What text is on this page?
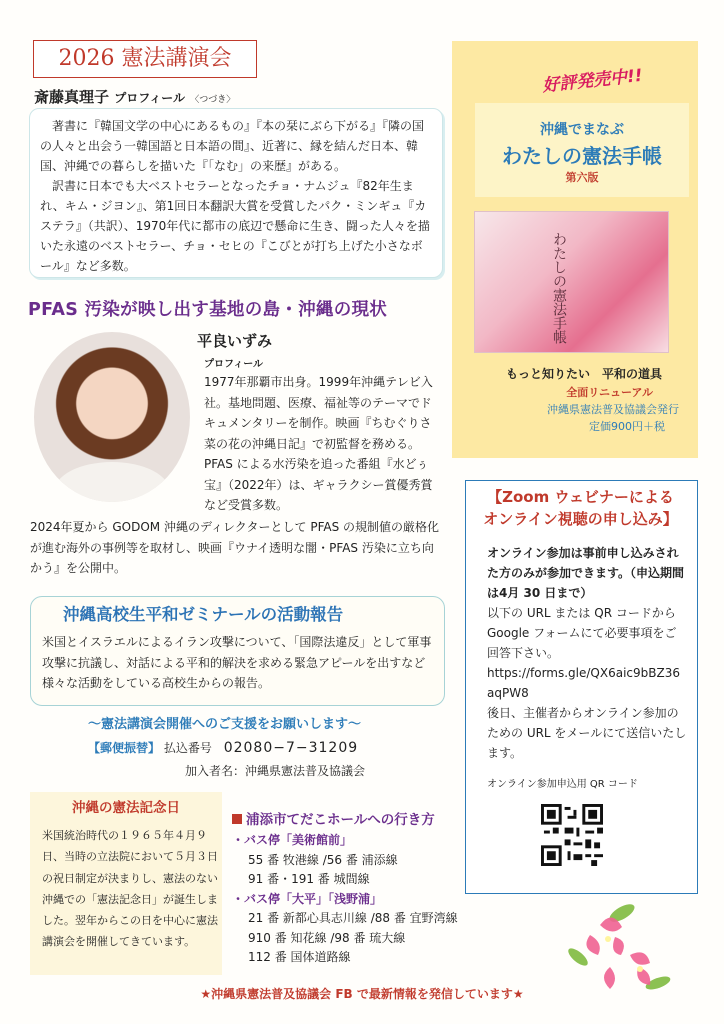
2026 憲法講演会
斎藤真理子 プロフィール 〈つづき〉

著書に『韓国文学の中心にあるもの』『本の栞にぶら下がる』『隣の国の人々と出会う一韓国語と日本語の間』、近著に、縁を結んだ日本、韓国、沖縄での暮らしを描いた『「なむ」の来歴』がある。

訳書に日本でも大ベストセラーとなったチョ・ナムジュ『82年生まれ、キム・ジヨン』、第1回日本翻訳大賞を受賞したパク・ミンギュ『カステラ』（共訳）、1970年代に都市の底辺で懸命に生き、闘った人々を描いた永遠のベストセラー、チョ・セヒの『こびとが打ち上げた小さなボール』など多数。

PFAS 汚染が映し出す基地の島・沖縄の現状
平良いずみ
プロフィール
1977年那覇市出身。1999年沖縄テレビ入社。基地問題、医療、福祉等のテーマでドキュメンタリーを制作。映画『ちむぐりさ菜の花の沖縄日記』で初監督を務める。PFAS による水汚染を追った番組『水どぅ宝』（2022年）は、ギャラクシー賞優秀賞など受賞多数。
2024年夏から GODOM 沖縄のディレクターとして PFAS の規制値の厳格化が進む海外の事例等を取材し、映画『ウナイ透明な闇・PFAS 汚染に立ち向かう』を公開中。
沖縄高校生平和ゼミナールの活動報告
米国とイスラエルによるイラン攻撃について、「国際法違反」として軍事攻撃に抗議し、対話による平和的解決を求める緊急アピールを出すなど様々な活動をしている高校生からの報告。
〜憲法講演会開催へのご支援をお願いします〜
【郵便振替】 払込番号 02080−7−31209
加入者名：沖縄県憲法普及協議会
沖縄の憲法記念日
米国統治時代の１９６５年４月９日、当時の立法院において５月３日の祝日制定が決まりし、憲法のない沖縄での「憲法記念日」が誕生しました。翌年からこの日を中心に憲法講演会を開催してきています。
浦添市てだこホールへの行き方
・バス停「美術館前」
55 番 牧港線 /56 番 浦添線
91 番・191 番 城間線
・バス停「大平」「浅野浦」
21 番 新都心具志川線 /88 番 宜野湾線
910 番 知花線 /98 番 琉大線
112 番 国体道路線
★沖縄県憲法普及協議会 FB で最新情報を発信しています★
好評発売中!!
沖縄でまなぶ
わたしの憲法手帳
第六版
わたしの憲法手帳
もっと知りたい　平和の道具
全面リニューアル
沖縄県憲法普及協議会発行
定価900円＋税
【Zoom ウェビナーによる
オンライン視聴の申し込み】
オンライン参加は事前申し込みされた方のみが参加できます。（申込期間は4月 30 日まで）
以下の URL または QR コードから Google フォームにて必要事項をご回答下さい。
https://forms.gle/QX6aic9bBZ36aqPW8
後日、主催者からオンライン参加のための URL をメールにて送信いたします。
オンライン参加申込用 QR コード
